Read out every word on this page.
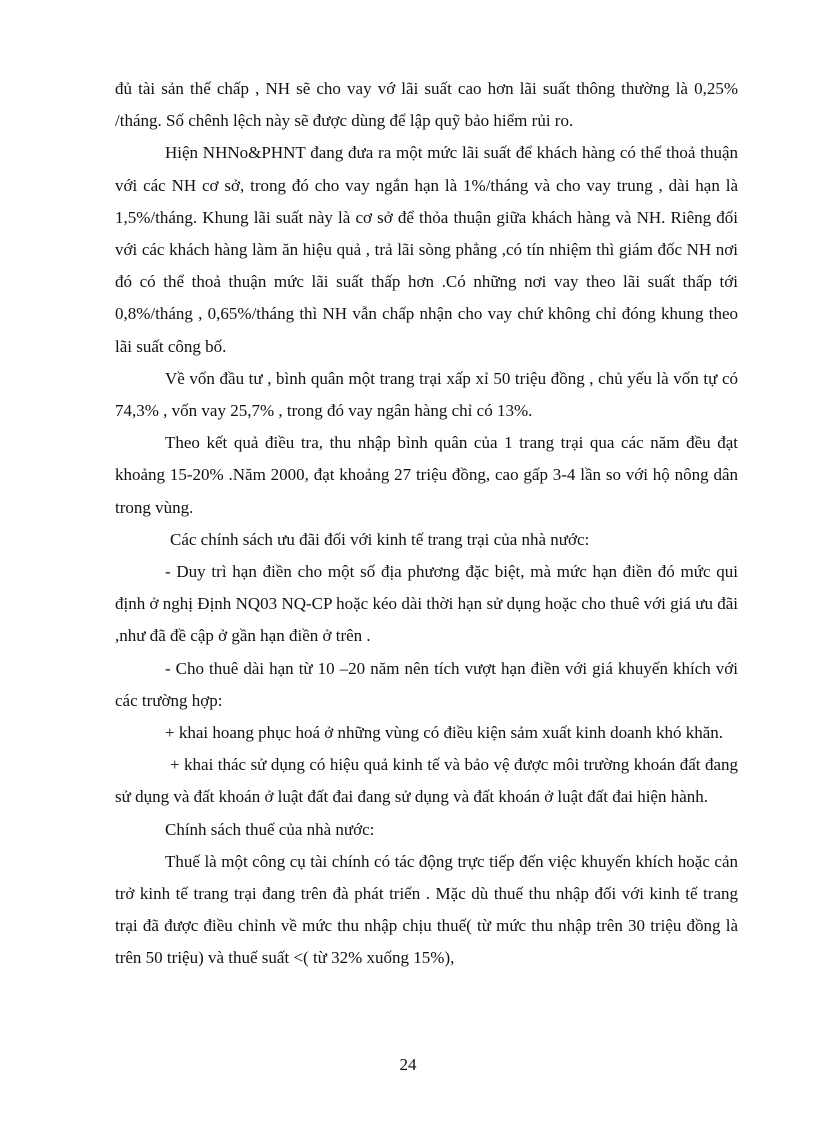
đủ tài sản thế chấp , NH sẽ cho vay vớ lãi suất cao hơn lãi suất thông thường là 0,25% /tháng. Số chênh lệch này sẽ được dùng để lập quỹ bảo hiểm rủi ro.

Hiện NHNo&PHNT đang đưa ra một mức lãi suất để khách hàng có thể thoả thuận với các NH cơ sở, trong đó cho vay ngắn hạn là 1%/tháng và cho vay trung , dài hạn là 1,5%/tháng. Khung lãi suất này là cơ sở để thỏa thuận giữa khách hàng và NH. Riêng đối với các khách hàng làm ăn hiệu quả , trả lãi sòng phẳng ,có tín nhiệm thì giám đốc NH nơi đó có thể thoả thuận mức lãi suất thấp hơn .Có những nơi vay theo lãi suất thấp tới 0,8%/tháng , 0,65%/tháng thì NH vẫn chấp nhận cho vay chứ không chỉ đóng khung theo lãi suất công bố.

Về vốn đầu tư , bình quân một trang trại xấp xỉ 50 triệu đồng , chủ yếu là vốn tự có 74,3% , vốn vay 25,7% , trong đó vay ngân hàng chỉ có 13%.

Theo kết quả điều tra, thu nhập bình quân của 1 trang trại qua các năm đều đạt khoảng 15-20% .Năm 2000, đạt khoảng 27 triệu đồng, cao gấp 3-4 lần so với hộ nông dân trong vùng.

Các chính sách ưu đãi đối với kinh tế trang trại của nhà nước:

- Duy trì hạn điền cho một số địa phương đặc biệt, mà mức hạn điền đó mức qui định ở nghị Định NQ03 NQ-CP hoặc kéo dài thời hạn sử dụng hoặc cho thuê với giá ưu đãi ,như đã đề cập ở gần hạn điền ở trên .

- Cho thuê dài hạn từ 10 –20 năm nên tích vượt hạn điền với giá khuyến khích với các trường hợp:

+ khai hoang phục hoá ở những vùng có điều kiện sảm xuất kinh doanh khó khăn.

+ khai thác sử dụng có hiệu quả kinh tế và bảo vệ được môi trường khoán đất đang sử dụng và đất khoán ở luật đất đai đang sử dụng và đất khoán ở luật đất đai hiện hành.

Chính sách thuế của nhà nước:

Thuế là một công cụ tài chính có tác động trực tiếp đến việc khuyến khích hoặc cản trở kinh tế trang trại đang trên đà phát triển . Mặc dù thuế thu nhập đối với kinh tế trang trại đã được điều chỉnh về mức thu nhập chịu thuế( từ mức thu nhập trên 30 triệu đồng là trên 50 triệu) và thuế suất <( từ 32% xuống 15%),

24
